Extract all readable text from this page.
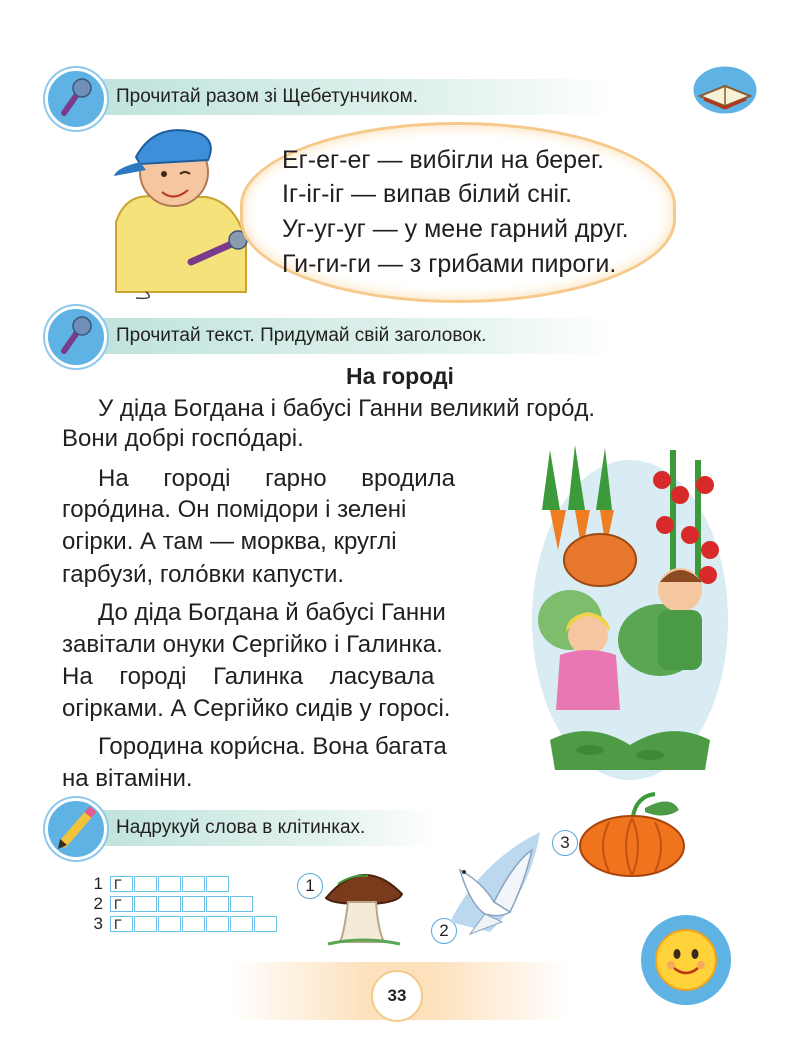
Прочитай разом зі Щебетунчиком.
Ег-ег-ег — вибігли на берег.
Іг-іг-іг — випав білий сніг.
Уг-уг-уг — у мене гарний друг.
Ги-ги-ги — з грибами пироги.
Прочитай текст. Придумай свій заголовок.
На городі
У діда Богдана і бабусі Ганни великий горо́д.
Вони добрі госпо́дарі.
На городі гарно вродила
горо́дина. Он помідори і зелені
огірки. А там — морква, круглі
гарбузи́, голо́вки капусти.
До діда Богдана й бабусі Ганни
завітали онуки Сергійко і Галинка.
На городі Галинка ласувала
огірками. А Сергійко сидів у горосі.
Городина кори́сна. Вона багата
на вітаміни.
Надрукуй слова в клітинках.
1
2
3
Г
Г
Г
1
2
3
33
